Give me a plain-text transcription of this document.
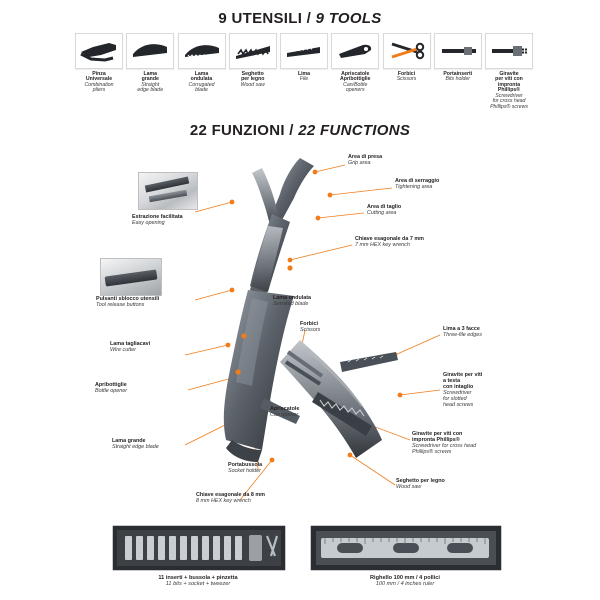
9 UTENSILI / 9 TOOLS
Pinza
Universale
Combination
pliers
Lama
grande
Straight
edge blade
Lama
ondulata
Corrugated
blade
Seghetto
per legno
Wood saw
Lima
File
Apriscatole
Apribottiglie
Can/Bottle
openers
Forbici
Scissors
Portainserti
Bits holder
Giravite
per viti con
impronta
Phillips®
Screwdriver
for cross head
Phillips® screws
22 FUNZIONI / 22 FUNCTIONS
Area di presa
Grip area
Area di serraggio
Tightening area
Area di taglio
Cutting area
Chiave esagonale da 7 mm
7 mm HEX key wrench
Estrazione facilitata
Easy opening
Pulsanti sblocco utensili
Tool release buttons
Lama tagliacavi
Wire cutter
Apribottiglie
Bottle opener
Lama grande
Straight edge blade
Lama ondulata
Serrated blade
Forbici
Scissors	Lima a 3 facce
Three-file edges
Giravite per viti
a testa
con intaglio
Screwdriver
for slotted
head screws
Giravite per viti con
impronta Phillips®
Screwdriver for cross head
Phillips® screws
Seghetto per legno
Wood saw
Apriscatole
Can opener
Portabussola
Socket holder
Chiave esagonale da 8 mm
8 mm HEX key wrench
11 inserti + bussola + pinzetta
11 bits + socket + tweezer
Righello 100 mm / 4 pollici
100 mm / 4 inches ruler
